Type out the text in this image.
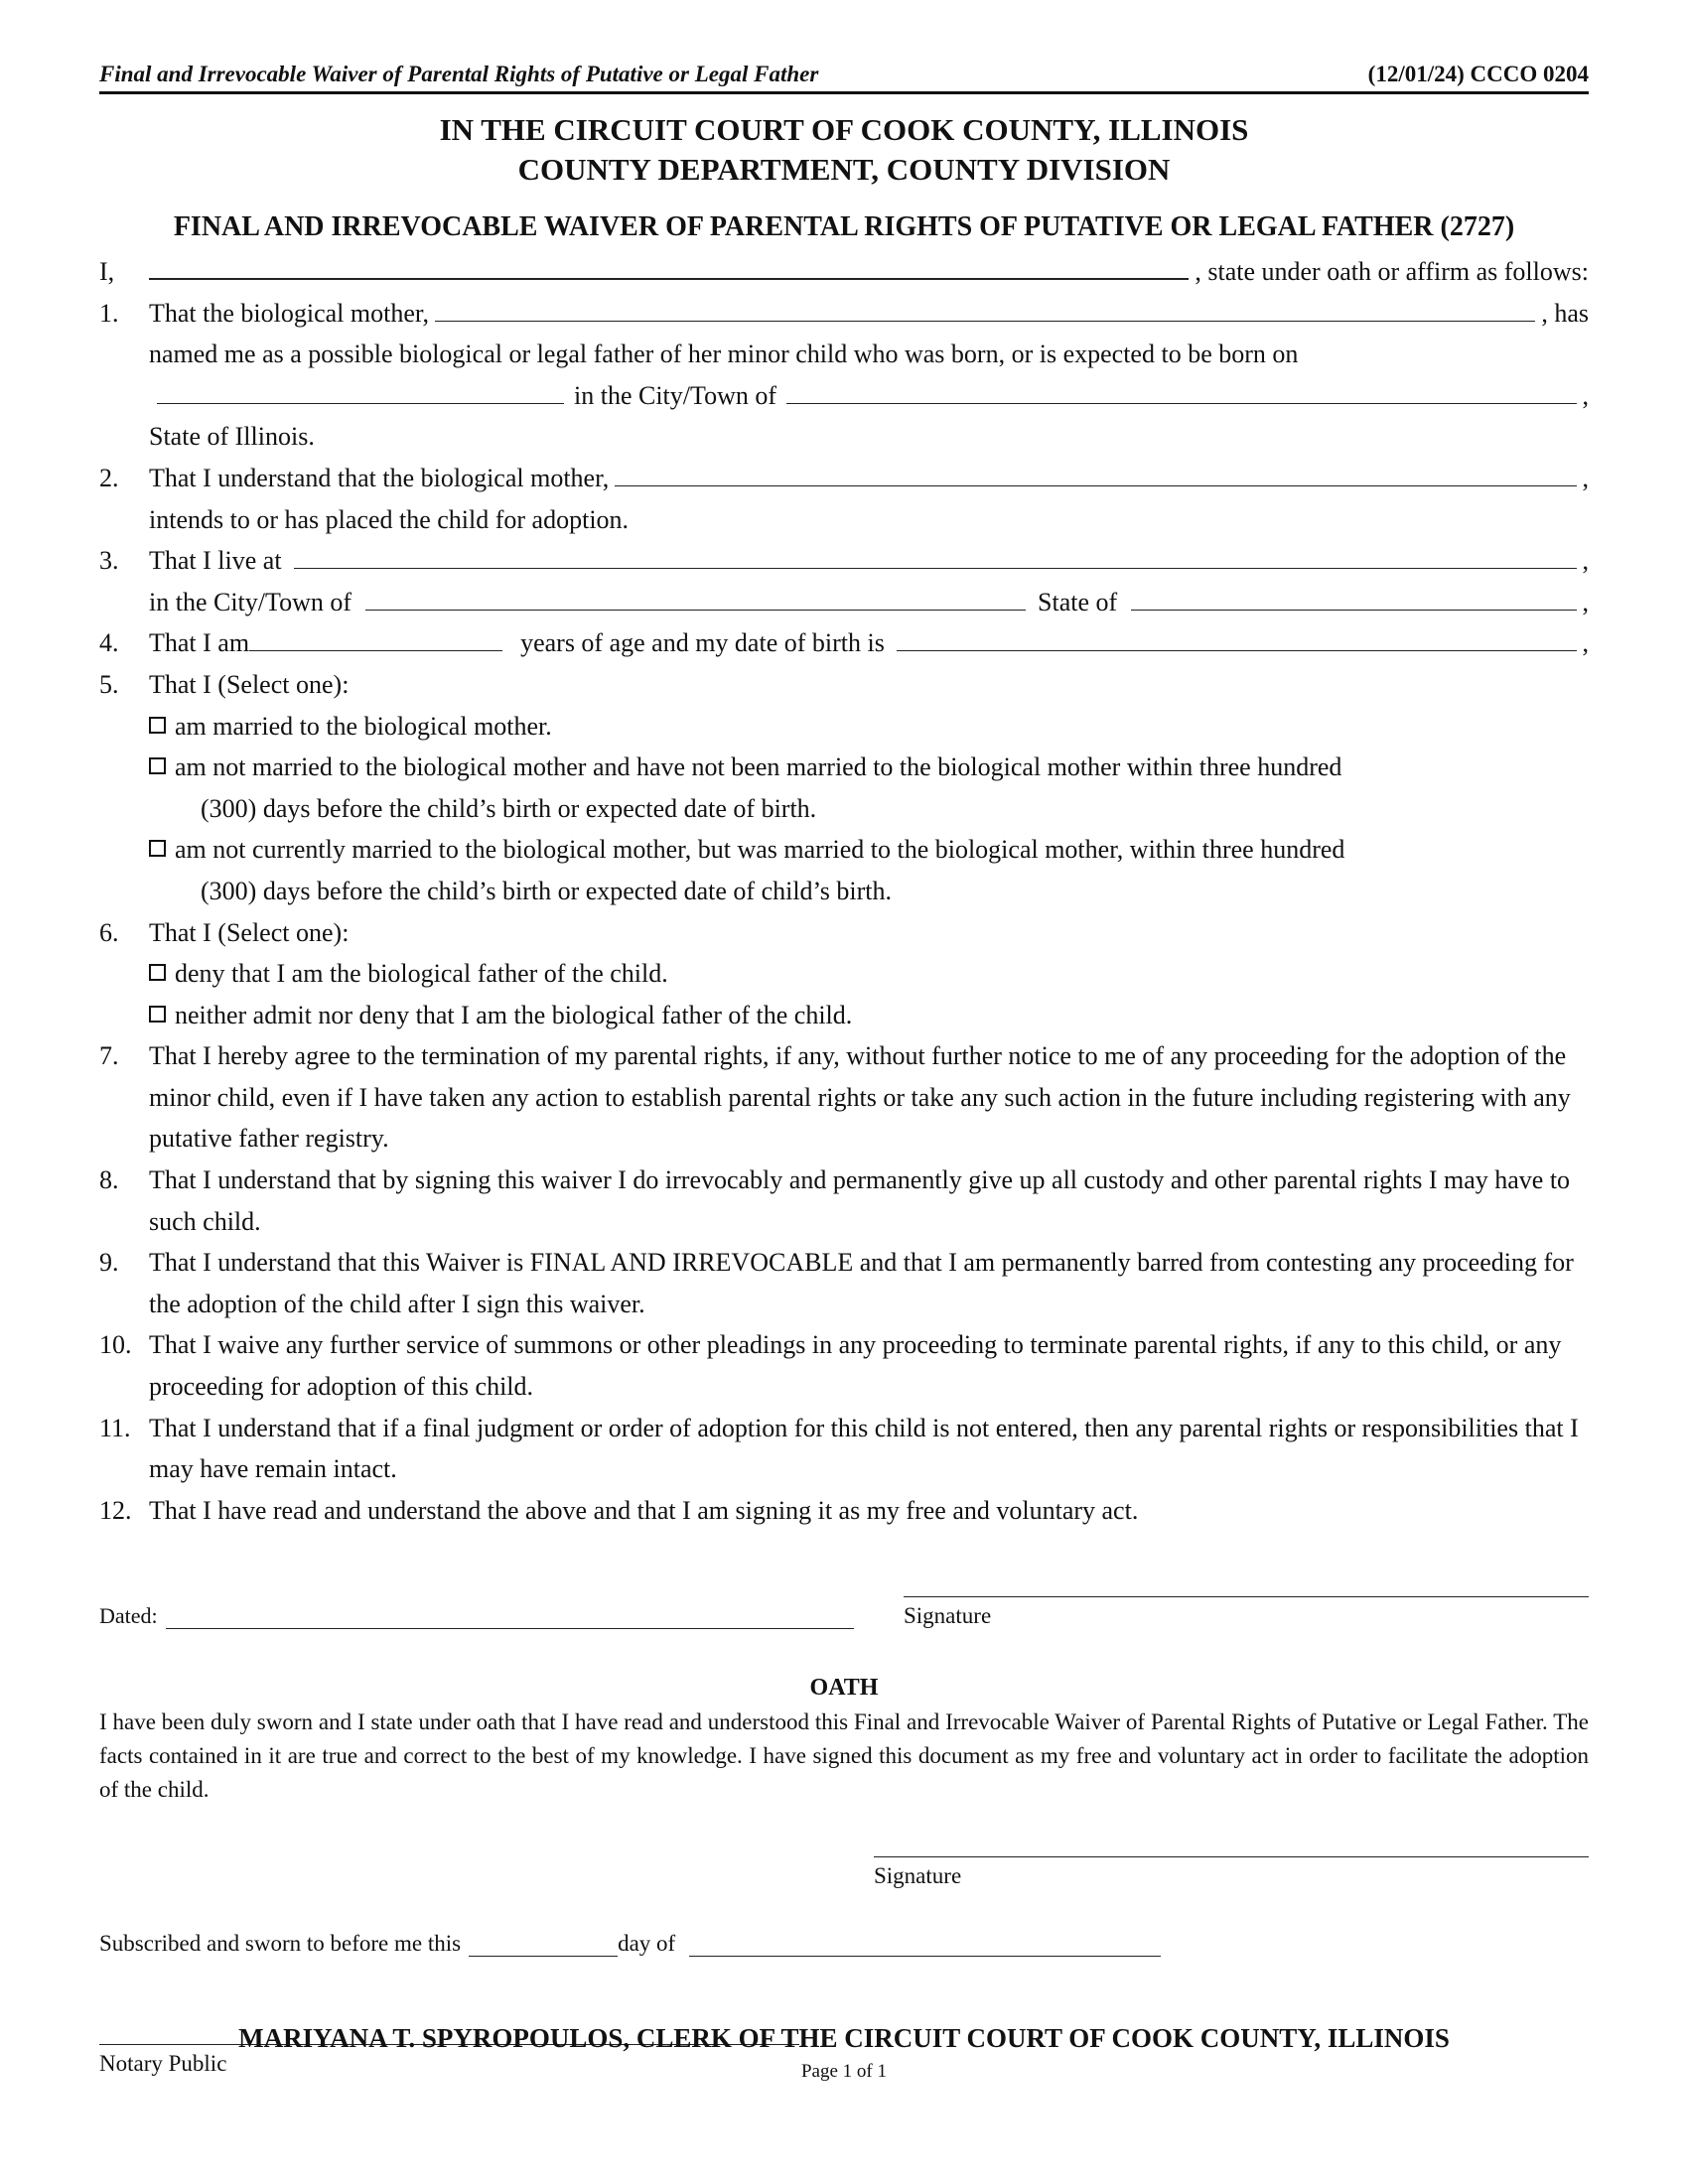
Final and Irrevocable Waiver of Parental Rights of Putative or Legal Father	(12/01/24) CCCO 0204
IN THE CIRCUIT COURT OF COOK COUNTY, ILLINOIS
COUNTY DEPARTMENT, COUNTY DIVISION
FINAL AND IRREVOCABLE WAIVER OF PARENTAL RIGHTS OF PUTATIVE OR LEGAL FATHER (2727)
I,	, state under oath or affirm as follows:
1.	That the biological mother,	, has
named me as a possible biological or legal father of her minor child who was born, or is expected to be born on
in the City/Town of	,
State of Illinois.
2.	That I understand that the biological mother,	,
intends to or has placed the child for adoption.
3.	That I live at	,
in the City/Town of	State of	,
4.	That I am	years of age and my date of birth is	,
5.	That I (Select one):
am married to the biological mother.
am not married to the biological mother and have not been married to the biological mother within three hundred
(300) days before the child’s birth or expected date of birth.
am not currently married to the biological mother, but was married to the biological mother, within three hundred
(300) days before the child’s birth or expected date of child’s birth.
6.	That I (Select one):
deny that I am the biological father of the child.
neither admit nor deny that I am the biological father of the child.
7.	That I hereby agree to the termination of my parental rights, if any, without further notice to me of any proceeding for the adoption of the minor child, even if I have taken any action to establish parental rights or take any such action in the future including registering with any putative father registry.
8.	That I understand that by signing this waiver I do irrevocably and permanently give up all custody and other parental rights I may have to such child.
9.	That I understand that this Waiver is FINAL AND IRREVOCABLE and that I am permanently barred from contesting any proceeding for the adoption of the child after I sign this waiver.
10. That I waive any further service of summons or other pleadings in any proceeding to terminate parental rights, if any to this child, or any proceeding for adoption of this child.
11. That I understand that if a final judgment or order of adoption for this child is not entered, then any parental rights or responsibilities that I may have remain intact.
12. That I have read and understand the above and that I am signing it as my free and voluntary act.
Dated:	Signature
OATH
I have been duly sworn and I state under oath that I have read and understood this Final and Irrevocable Waiver of Parental Rights of Putative or Legal Father. The facts contained in it are true and correct to the best of my knowledge. I have signed this document as my free and voluntary act in order to facilitate the adoption of the child.
Signature
Subscribed and sworn to before me this	day of
Notary Public
MARIYANA T. SPYROPOULOS, CLERK OF THE CIRCUIT COURT OF COOK COUNTY, ILLINOIS
Page 1 of 1
